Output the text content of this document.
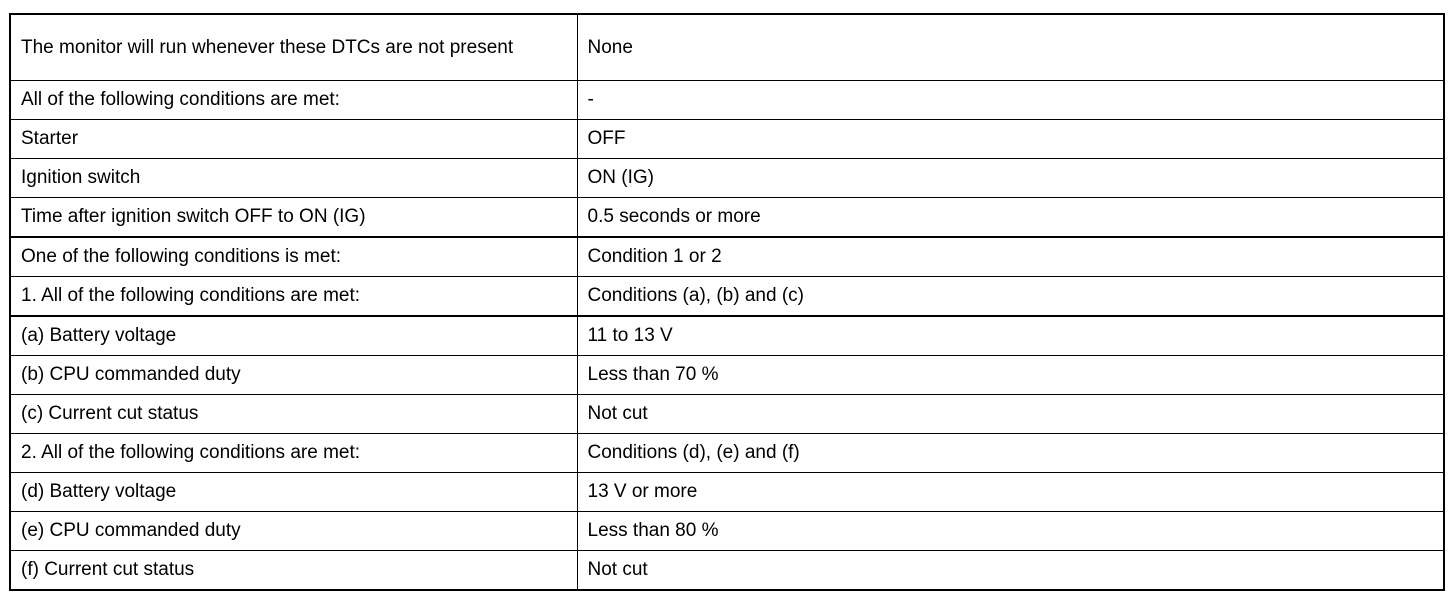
The monitor will run whenever these DTCs are not present	None
All of the following conditions are met:	-
Starter	OFF
Ignition switch	ON (IG)
Time after ignition switch OFF to ON (IG)	0.5 seconds or more
One of the following conditions is met:	Condition 1 or 2
1. All of the following conditions are met:	Conditions (a), (b) and (c)
(a) Battery voltage	11 to 13 V
(b) CPU commanded duty	Less than 70 %
(c) Current cut status	Not cut
2. All of the following conditions are met:	Conditions (d), (e) and (f)
(d) Battery voltage	13 V or more
(e) CPU commanded duty	Less than 80 %
(f) Current cut status	Not cut
